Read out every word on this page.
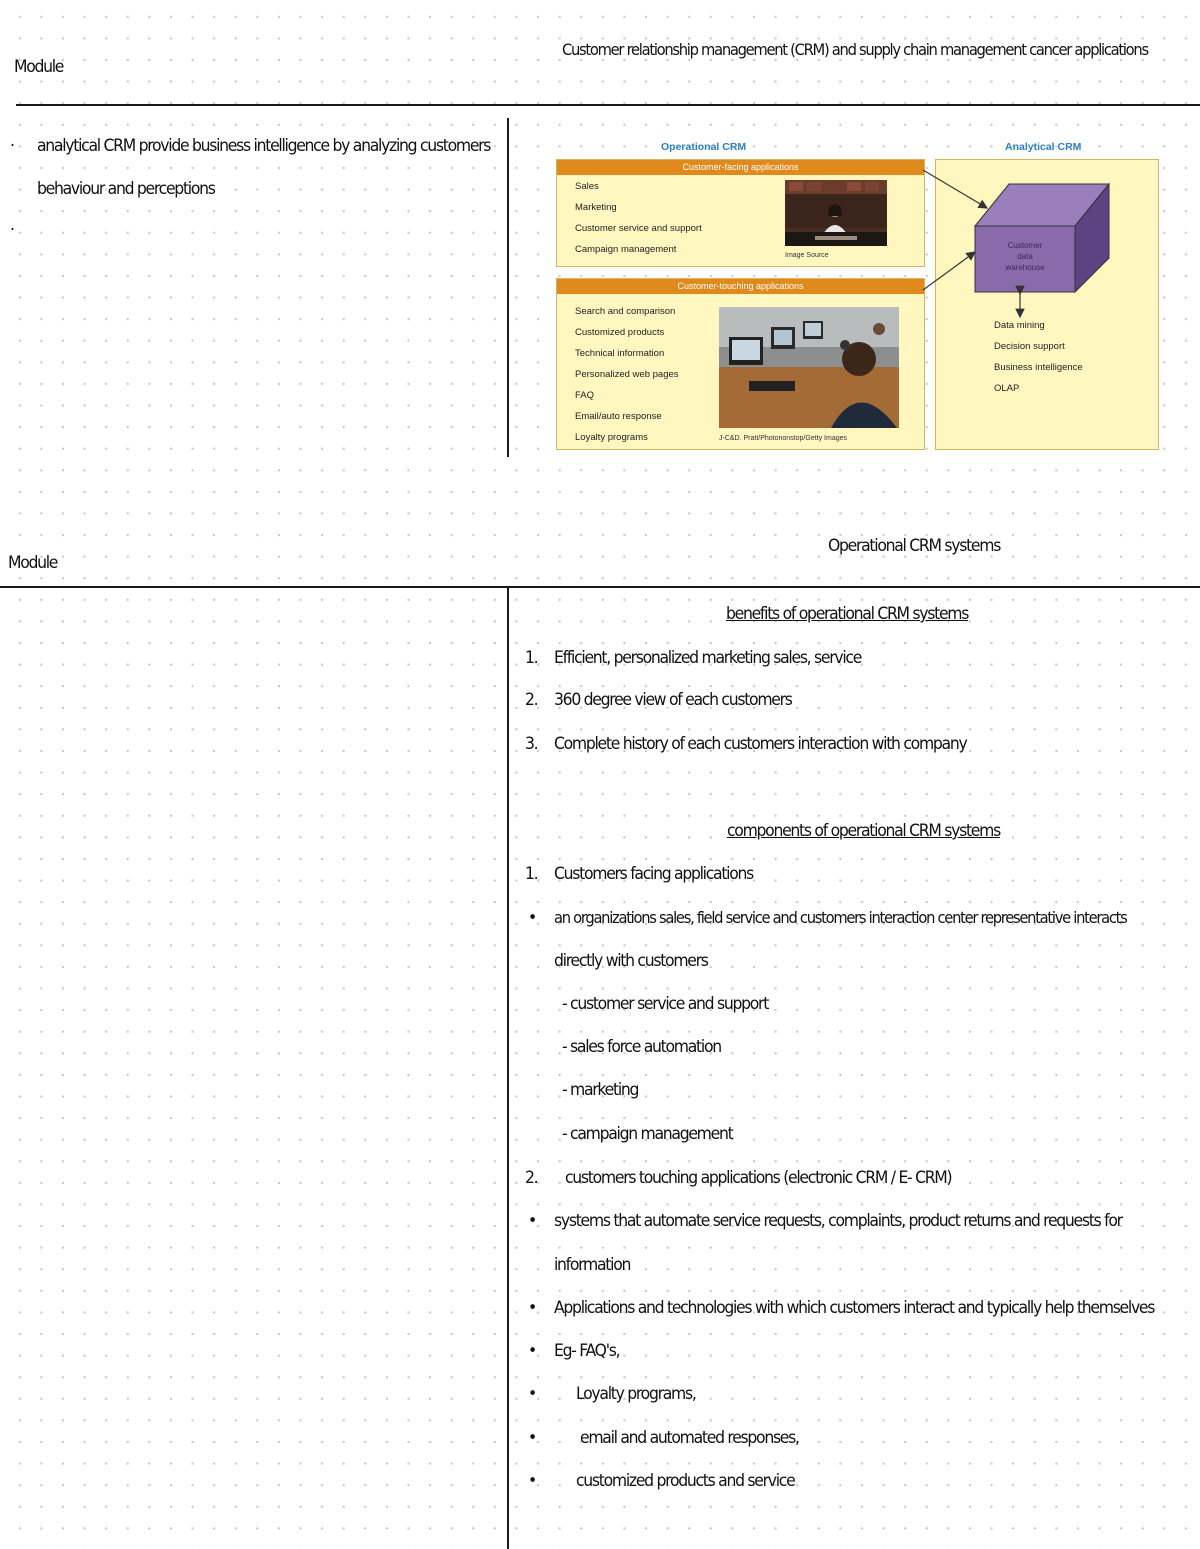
Module
Customer relationship management (CRM) and supply chain management cancer applications
· analytical CRM provide business intelligence by analyzing customers
behaviour and perceptions
·
Operational CRM	Analytical CRM
Customer-facing applications
Sales
Marketing
Customer service and support
Campaign management
Image Source
Customer-touching applications
Search and comparison
Customized products
Technical information
Personalized web pages
FAQ
Email/auto response
Loyalty programs	J-C&D. Pratt/Photononstop/Getty Images
Data mining
Decision support
Business intelligence
OLAP
Customer
data
warehouse
Module
Operational CRM systems
benefits of operational CRM systems
1. Efficient, personalized marketing sales, service
2. 360 degree view of each customers
3. Complete history of each customers interaction with company
components of operational CRM systems
1. Customers facing applications
• an organizations sales, field service and customers interaction center representative interacts
directly with customers
- customer service and support
- sales force automation
- marketing
- campaign management
2. customers touching applications (electronic CRM / E- CRM)
• systems that automate service requests, complaints, product returns and requests for
information
• Applications and technologies with which customers interact and typically help themselves
• Eg- FAQ's,
• Loyalty programs,
•	email and automated responses,
• customized products and service
